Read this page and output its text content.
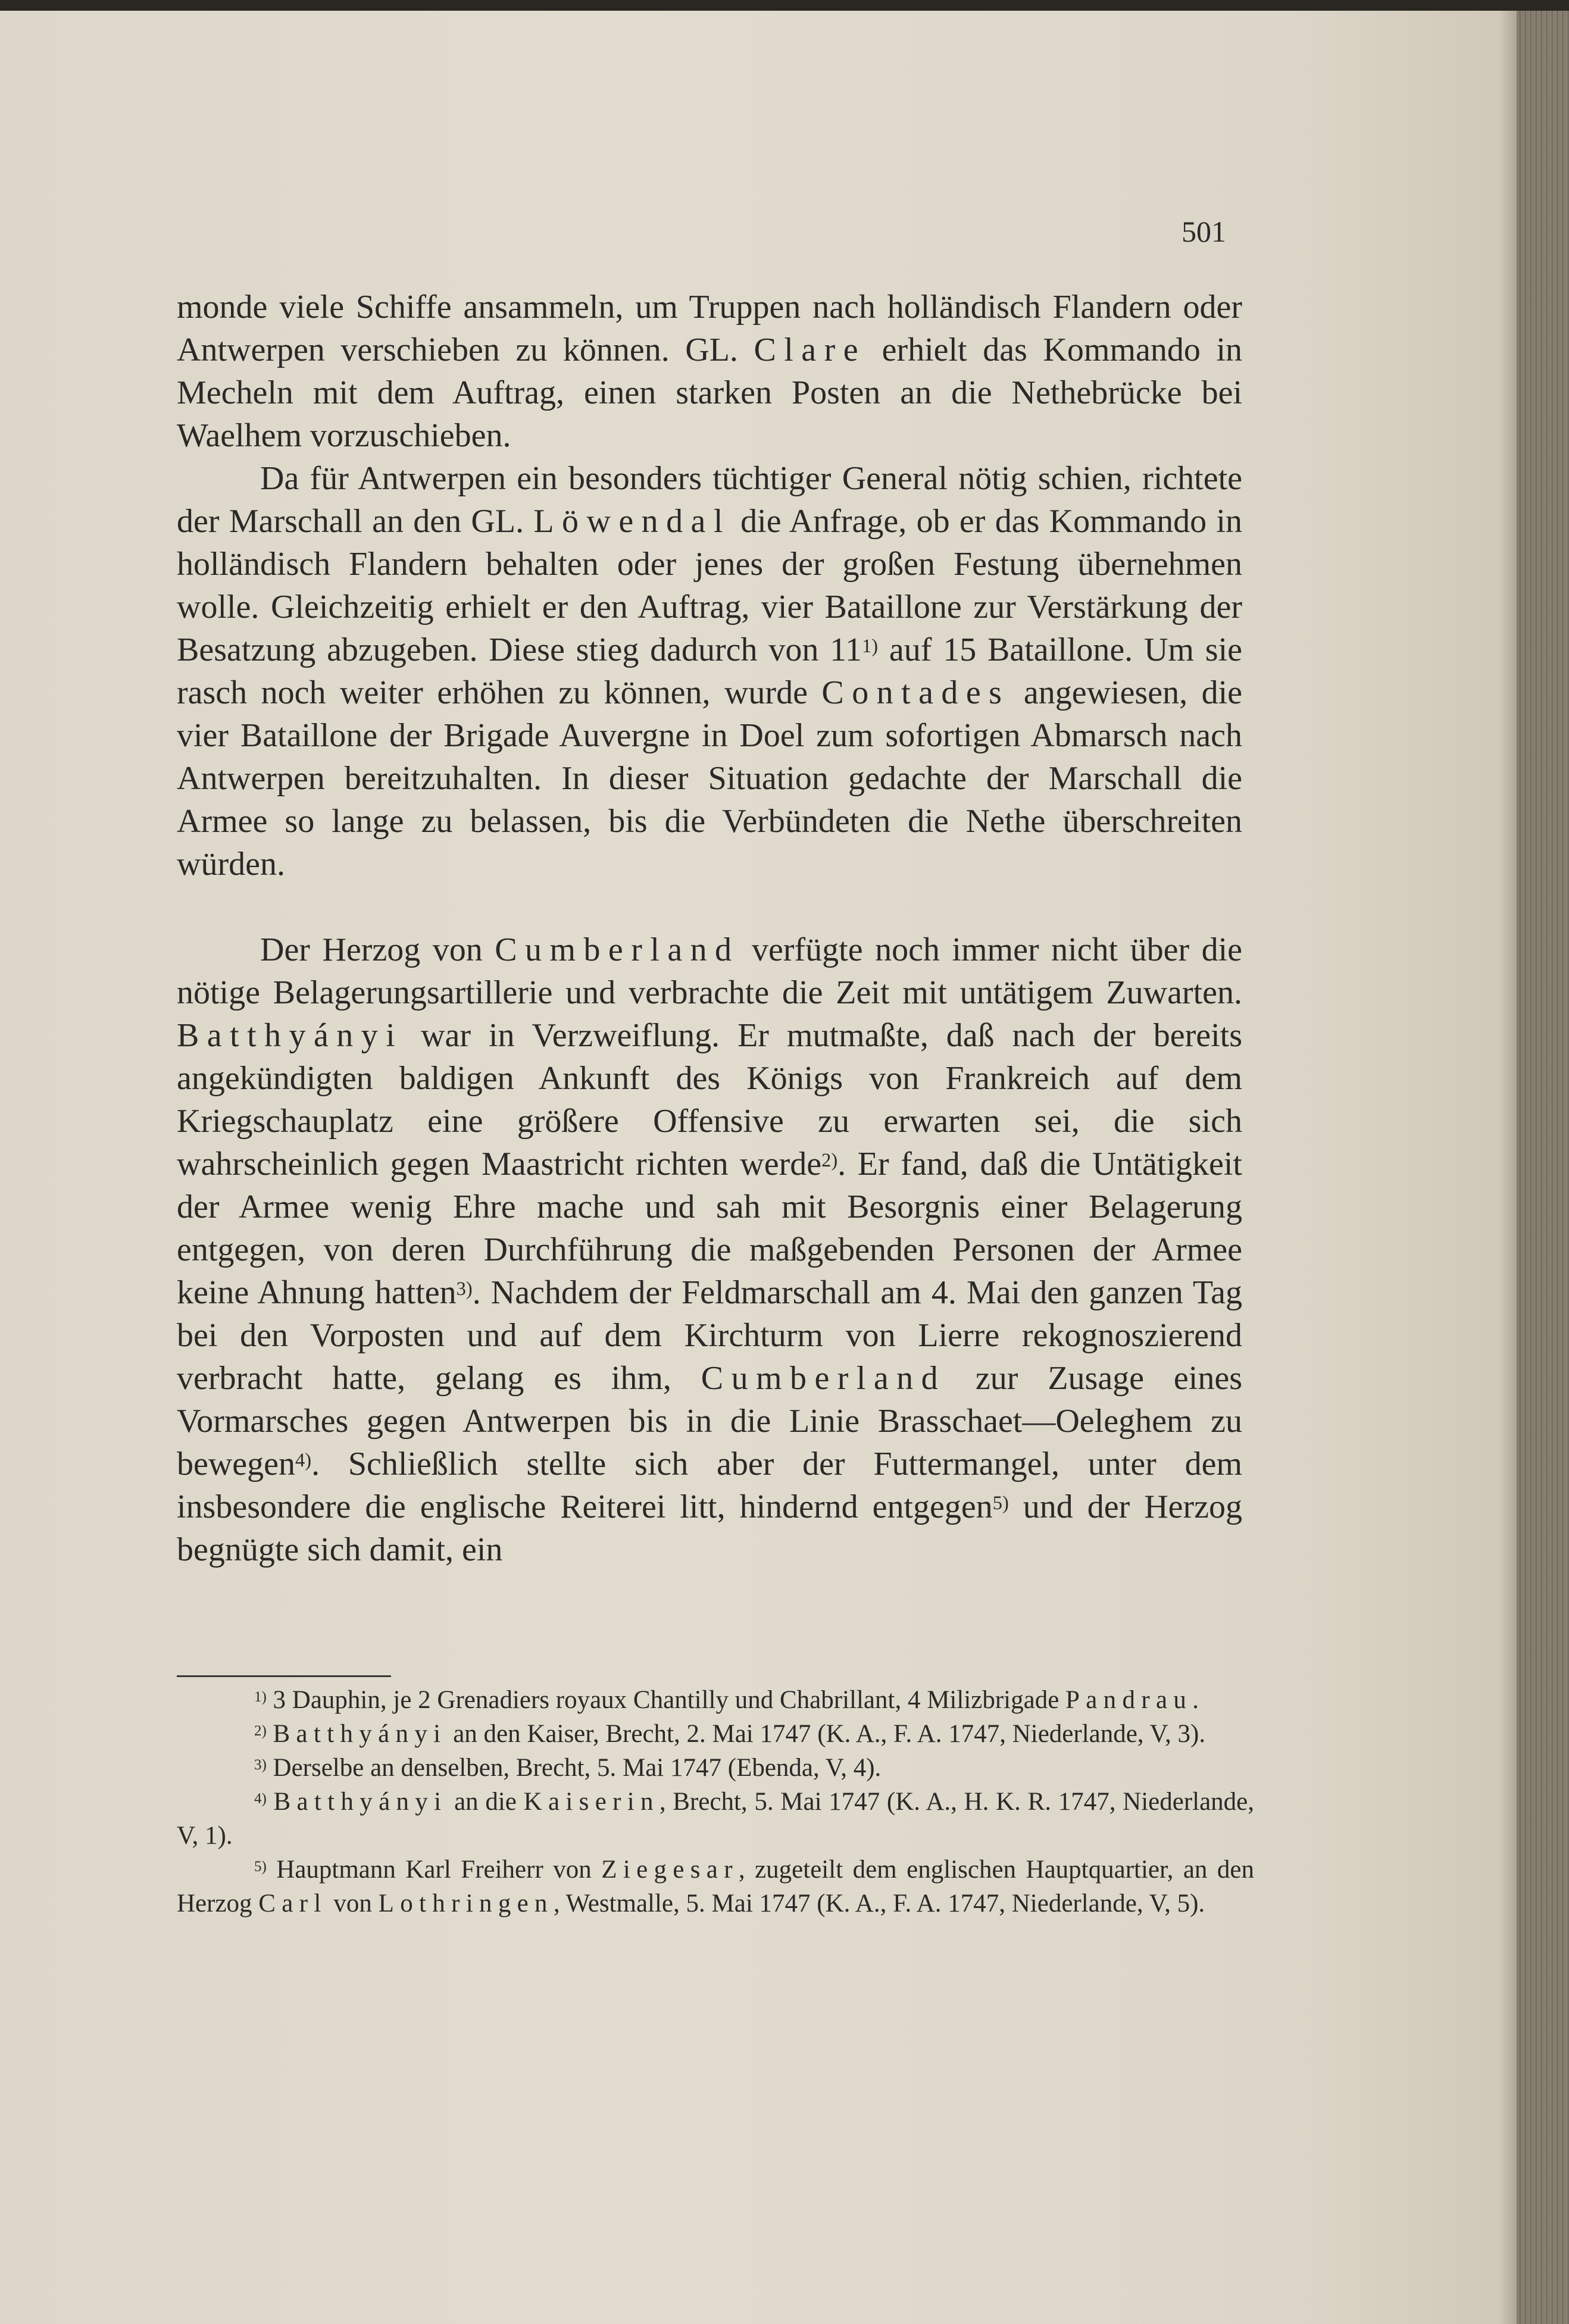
501

monde viele Schiffe ansammeln, um Truppen nach holländisch Flandern oder Antwerpen verschieben zu können. GL. Clare erhielt das Kommando in Mecheln mit dem Auftrag, einen starken Posten an die Nethebrücke bei Waelhem vorzuschieben.

Da für Antwerpen ein besonders tüchtiger General nötig schien, richtete der Marschall an den GL. Löwendal die Anfrage, ob er das Kommando in holländisch Flandern behalten oder jenes der großen Festung übernehmen wolle. Gleichzeitig erhielt er den Auftrag, vier Bataillone zur Verstärkung der Besatzung abzugeben. Diese stieg dadurch von 11$^{1)}$ auf 15 Bataillone. Um sie rasch noch weiter erhöhen zu können, wurde Contades angewiesen, die vier Bataillone der Brigade Auvergne in Doel zum sofortigen Abmarsch nach Antwerpen bereitzuhalten. In dieser Situation gedachte der Marschall die Armee so lange zu belassen, bis die Verbündeten die Nethe überschreiten würden.

Der Herzog von Cumberland verfügte noch immer nicht über die nötige Belagerungsartillerie und verbrachte die Zeit mit untätigem Zuwarten. Batthyányi war in Verzweiflung. Er mutmaßte, daß nach der bereits angekündigten baldigen Ankunft des Königs von Frankreich auf dem Kriegschauplatz eine größere Offensive zu erwarten sei, die sich wahrscheinlich gegen Maastricht richten werde$^{2)}$. Er fand, daß die Untätigkeit der Armee wenig Ehre mache und sah mit Besorgnis einer Belagerung entgegen, von deren Durchführung die maßgebenden Personen der Armee keine Ahnung hatten$^{3)}$. Nachdem der Feldmarschall am 4. Mai den ganzen Tag bei den Vorposten und auf dem Kirchturm von Lierre rekognoszierend verbracht hatte, gelang es ihm, Cumberland zur Zusage eines Vormarsches gegen Antwerpen bis in die Linie Brasschaet—Oeleghem zu bewegen$^{4)}$. Schließlich stellte sich aber der Futtermangel, unter dem insbesondere die englische Reiterei litt, hindernd entgegen$^{5)}$ und der Herzog begnügte sich damit, ein

$^{1)}$ 3 Dauphin, je 2 Grenadiers royaux Chantilly und Chabrillant, 4 Milizbrigade Pandrau.

$^{2)}$ Batthyányi an den Kaiser, Brecht, 2. Mai 1747 (K. A., F. A. 1747, Niederlande, V, 3).

$^{3)}$ Derselbe an denselben, Brecht, 5. Mai 1747 (Ebenda, V, 4).

$^{4)}$ Batthyányi an die Kaiserin, Brecht, 5. Mai 1747 (K. A., H. K. R. 1747, Niederlande, V, 1).

$^{5)}$ Hauptmann Karl Freiherr von Ziegesar, zugeteilt dem englischen Hauptquartier, an den Herzog Carl von Lothringen, Westmalle, 5. Mai 1747 (K. A., F. A. 1747, Niederlande, V, 5).
